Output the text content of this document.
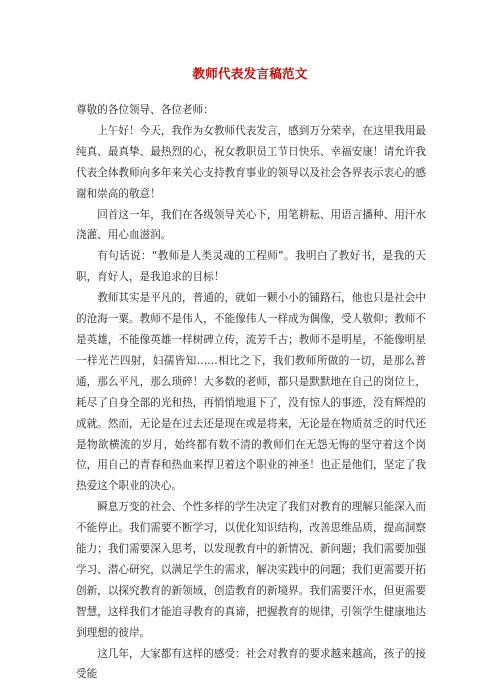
教师代表发言稿范文

尊敬的各位领导、各位老师：

上午好！今天，我作为女教师代表发言，感到万分荣幸，在这里我用最纯真、最真挚、最热烈的心，祝女教职员工节日快乐、幸福安康！请允许我代表全体教师向多年来关心支持教育事业的领导以及社会各界表示衷心的感谢和崇高的敬意！

回首这一年，我们在各级领导关心下，用笔耕耘、用语言播种、用汗水浇灌、用心血滋润。

有句话说：“教师是人类灵魂的工程师”。我明白了教好书，是我的天职，育好人，是我追求的目标！

教师其实是平凡的，普通的，就如一颗小小的铺路石，他也只是社会中的沧海一粟。教师不是伟人，不能像伟人一样成为偶像，受人敬仰；教师不是英雄，不能像英雄一样树碑立传，流芳千古；教师不是明星，不能像明星一样光芒四射，妇孺皆知……相比之下，我们教师所做的一切，是那么普通，那么平凡，那么琐碎！大多数的老师，都只是默默地在自己的岗位上，耗尽了自身全部的光和热，再悄悄地退下了，没有惊人的事迹，没有辉煌的成就。然而，无论是在过去还是现在或是将来，无论是在物质贫乏的时代还是物欲横流的岁月，始终都有数不清的教师们在无怨无悔的坚守着这个岗位，用自己的青春和热血来捍卫着这个职业的神圣！也正是他们，坚定了我热爱这个职业的决心。

瞬息万变的社会、个性多样的学生决定了我们对教育的理解只能深入而不能停止。我们需要不断学习，以优化知识结构，改善思维品质，提高洞察能力；我们需要深入思考，以发现教育中的新情况、新问题；我们需要加强学习、潜心研究，以满足学生的需求，解决实践中的问题；我们更需要开拓创新，以探究教育的新领域，创造教育的新境界。我们需要汗水，但更需要智慧，这样我们才能追寻教育的真谛，把握教育的规律，引领学生健康地达到理想的彼岸。

这几年，大家都有这样的感受：社会对教育的要求越来越高，孩子的接受能
